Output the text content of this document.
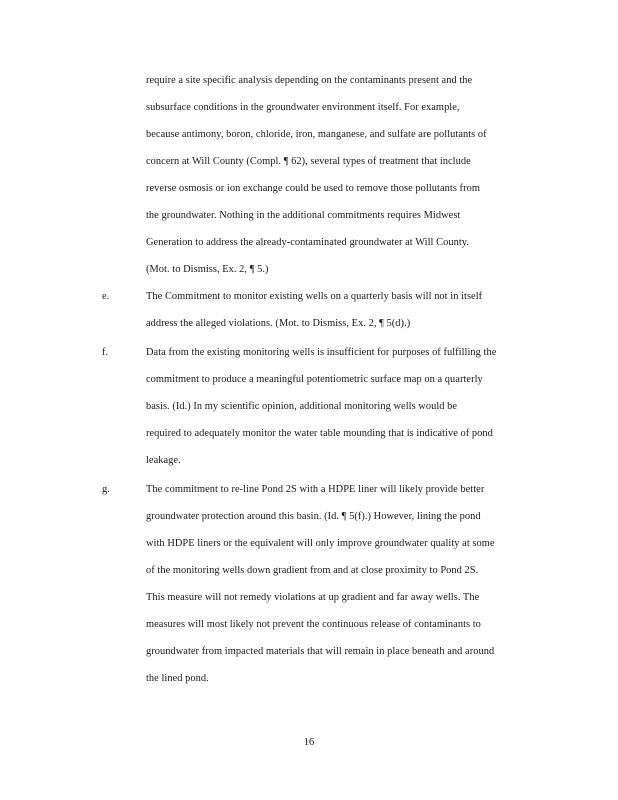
require a site specific analysis depending on the contaminants present and the
subsurface conditions in the groundwater environment itself. For example,
because antimony, boron, chloride, iron, manganese, and sulfate are pollutants of
concern at Will County (Compl. ¶ 62), several types of treatment that include
reverse osmosis or ion exchange could be used to remove those pollutants from
the groundwater. Nothing in the additional commitments requires Midwest
Generation to address the already-contaminated groundwater at Will County.
(Mot. to Dismiss, Ex. 2, ¶ 5.)
e.	The Commitment to monitor existing wells on a quarterly basis will not in itself
address the alleged violations. (Mot. to Dismiss, Ex. 2, ¶ 5(d).)
f.	Data from the existing monitoring wells is insufficient for purposes of fulfilling the
commitment to produce a meaningful potentiometric surface map on a quarterly
basis. (Id.) In my scientific opinion, additional monitoring wells would be
required to adequately monitor the water table mounding that is indicative of pond
leakage.
g.	The commitment to re-line Pond 2S with a HDPE liner will likely provide better
groundwater protection around this basin. (Id. ¶ 5(f).) However, lining the pond
with HDPE liners or the equivalent will only improve groundwater quality at some
of the monitoring wells down gradient from and at close proximity to Pond 2S.
This measure will not remedy violations at up gradient and far away wells. The
measures will most likely not prevent the continuous release of contaminants to
groundwater from impacted materials that will remain in place beneath and around
the lined pond.
16
